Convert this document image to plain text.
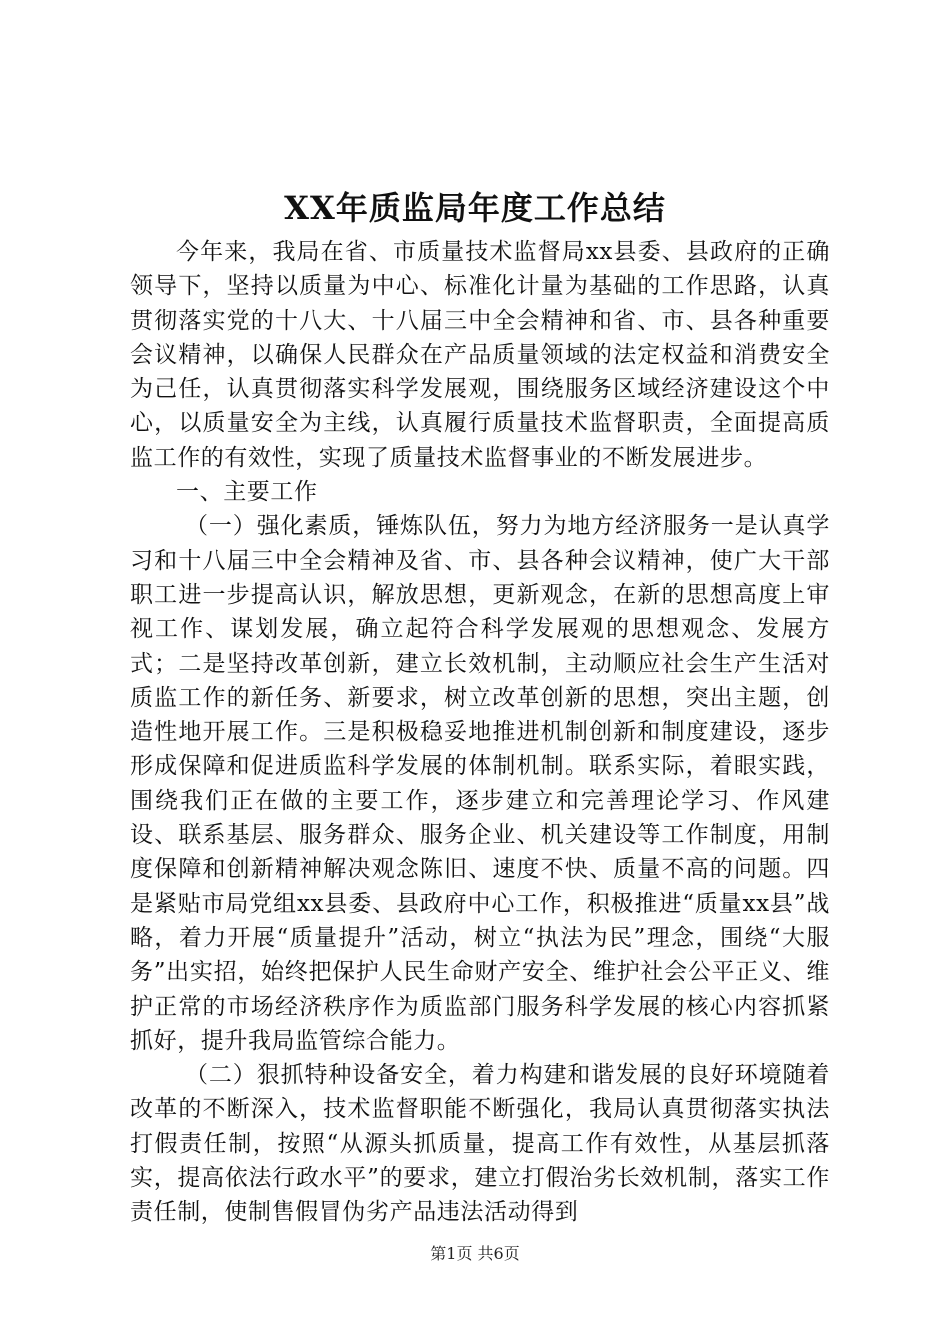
XX年质监局年度工作总结

今年来，我局在省、市质量技术监督局xx县委、县政府的正确领导下，坚持以质量为中心、标准化计量为基础的工作思路，认真贯彻落实党的十八大、十八届三中全会精神和省、市、县各种重要会议精神，以确保人民群众在产品质量领域的法定权益和消费安全为己任，认真贯彻落实科学发展观，围绕服务区域经济建设这个中心，以质量安全为主线，认真履行质量技术监督职责，全面提高质监工作的有效性，实现了质量技术监督事业的不断发展进步。

一、主要工作

（一）强化素质，锤炼队伍，努力为地方经济服务一是认真学习和十八届三中全会精神及省、市、县各种会议精神，使广大干部职工进一步提高认识，解放思想，更新观念，在新的思想高度上审视工作、谋划发展，确立起符合科学发展观的思想观念、发展方式；二是坚持改革创新，建立长效机制，主动顺应社会生产生活对质监工作的新任务、新要求，树立改革创新的思想，突出主题，创造性地开展工作。三是积极稳妥地推进机制创新和制度建设，逐步形成保障和促进质监科学发展的体制机制。联系实际，着眼实践，围绕我们正在做的主要工作，逐步建立和完善理论学习、作风建设、联系基层、服务群众、服务企业、机关建设等工作制度，用制度保障和创新精神解决观念陈旧、速度不快、质量不高的问题。四是紧贴市局党组xx县委、县政府中心工作，积极推进“质量xx县”战略，着力开展“质量提升”活动，树立“执法为民”理念，围绕“大服务”出实招，始终把保护人民生命财产安全、维护社会公平正义、维护正常的市场经济秩序作为质监部门服务科学发展的核心内容抓紧抓好，提升我局监管综合能力。

（二）狠抓特种设备安全，着力构建和谐发展的良好环境随着改革的不断深入，技术监督职能不断强化，我局认真贯彻落实执法打假责任制，按照“从源头抓质量，提高工作有效性，从基层抓落实，提高依法行政水平”的要求，建立打假治劣长效机制，落实工作责任制，使制售假冒伪劣产品违法活动得到

第1页 共6页
